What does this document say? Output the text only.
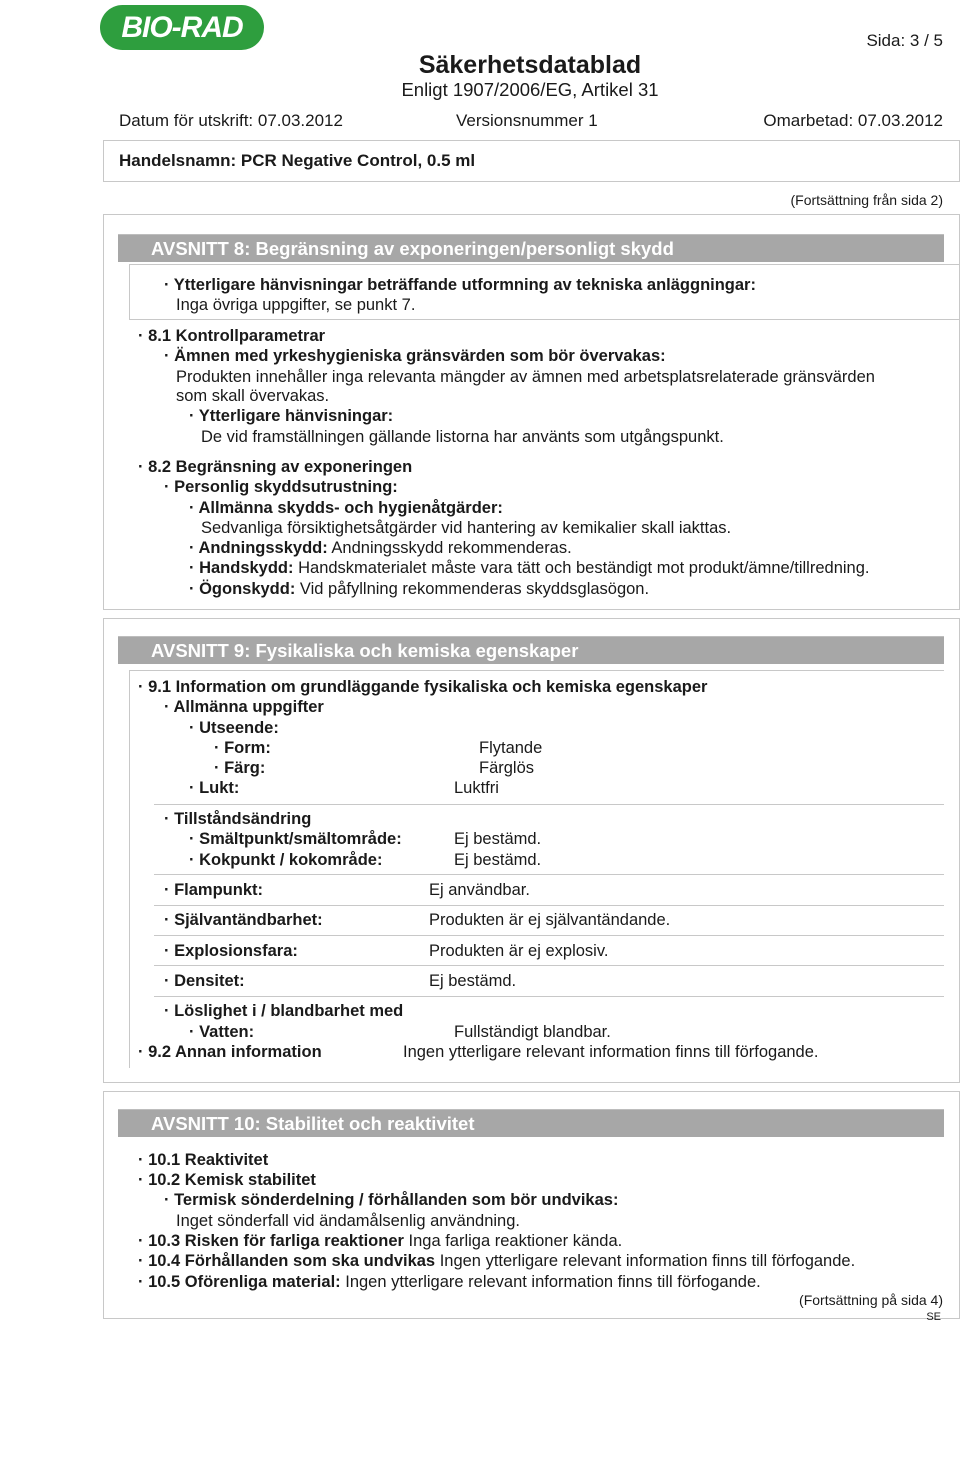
BIO-RAD	Sida: 3 / 5
Säkerhetsdatablad
Enligt 1907/2006/EG, Artikel 31
Datum för utskrift: 07.03.2012	Versionsnummer 1	Omarbetad: 07.03.2012
Handelsnamn: PCR Negative Control, 0.5 ml
(Fortsättning från sida 2)
AVSNITT 8: Begränsning av exponeringen/personligt skydd
· Ytterligare hänvisningar beträffande utformning av tekniska anläggningar:
Inga övriga uppgifter, se punkt 7.
· 8.1 Kontrollparametrar
· Ämnen med yrkeshygieniska gränsvärden som bör övervakas:
Produkten innehåller inga relevanta mängder av ämnen med arbetsplatsrelaterade gränsvärden
som skall övervakas.
· Ytterligare hänvisningar:
De vid framställningen gällande listorna har använts som utgångspunkt.
· 8.2 Begränsning av exponeringen
· Personlig skyddsutrustning:
· Allmänna skydds- och hygienåtgärder:
Sedvanliga försiktighetsåtgärder vid hantering av kemikalier skall iakttas.
· Andningsskydd: Andningsskydd rekommenderas.
· Handskydd: Handskmaterialet måste vara tätt och beständigt mot produkt/ämne/tillredning.
· Ögonskydd: Vid påfyllning rekommenderas skyddsglasögon.
AVSNITT 9: Fysikaliska och kemiska egenskaper
· 9.1 Information om grundläggande fysikaliska och kemiska egenskaper
· Allmänna uppgifter
· Utseende:
· Form:	Flytande
· Färg:	Färglös
· Lukt:	Luktfri
· Tillståndsändring
· Smältpunkt/smältområde:	Ej bestämd.
· Kokpunkt / kokområde:	Ej bestämd.
· Flampunkt:	Ej användbar.
· Självantändbarhet:	Produkten är ej självantändande.
· Explosionsfara:	Produkten är ej explosiv.
· Densitet:	Ej bestämd.
· Löslighet i / blandbarhet med
· Vatten:	Fullständigt blandbar.
· 9.2 Annan information	Ingen ytterligare relevant information finns till förfogande.
AVSNITT 10: Stabilitet och reaktivitet
· 10.1 Reaktivitet
· 10.2 Kemisk stabilitet
· Termisk sönderdelning / förhållanden som bör undvikas:
Inget sönderfall vid ändamålsenlig användning.
· 10.3 Risken för farliga reaktioner Inga farliga reaktioner kända.
· 10.4 Förhållanden som ska undvikas Ingen ytterligare relevant information finns till förfogande.
· 10.5 Oförenliga material: Ingen ytterligare relevant information finns till förfogande.
(Fortsättning på sida 4)
SE
